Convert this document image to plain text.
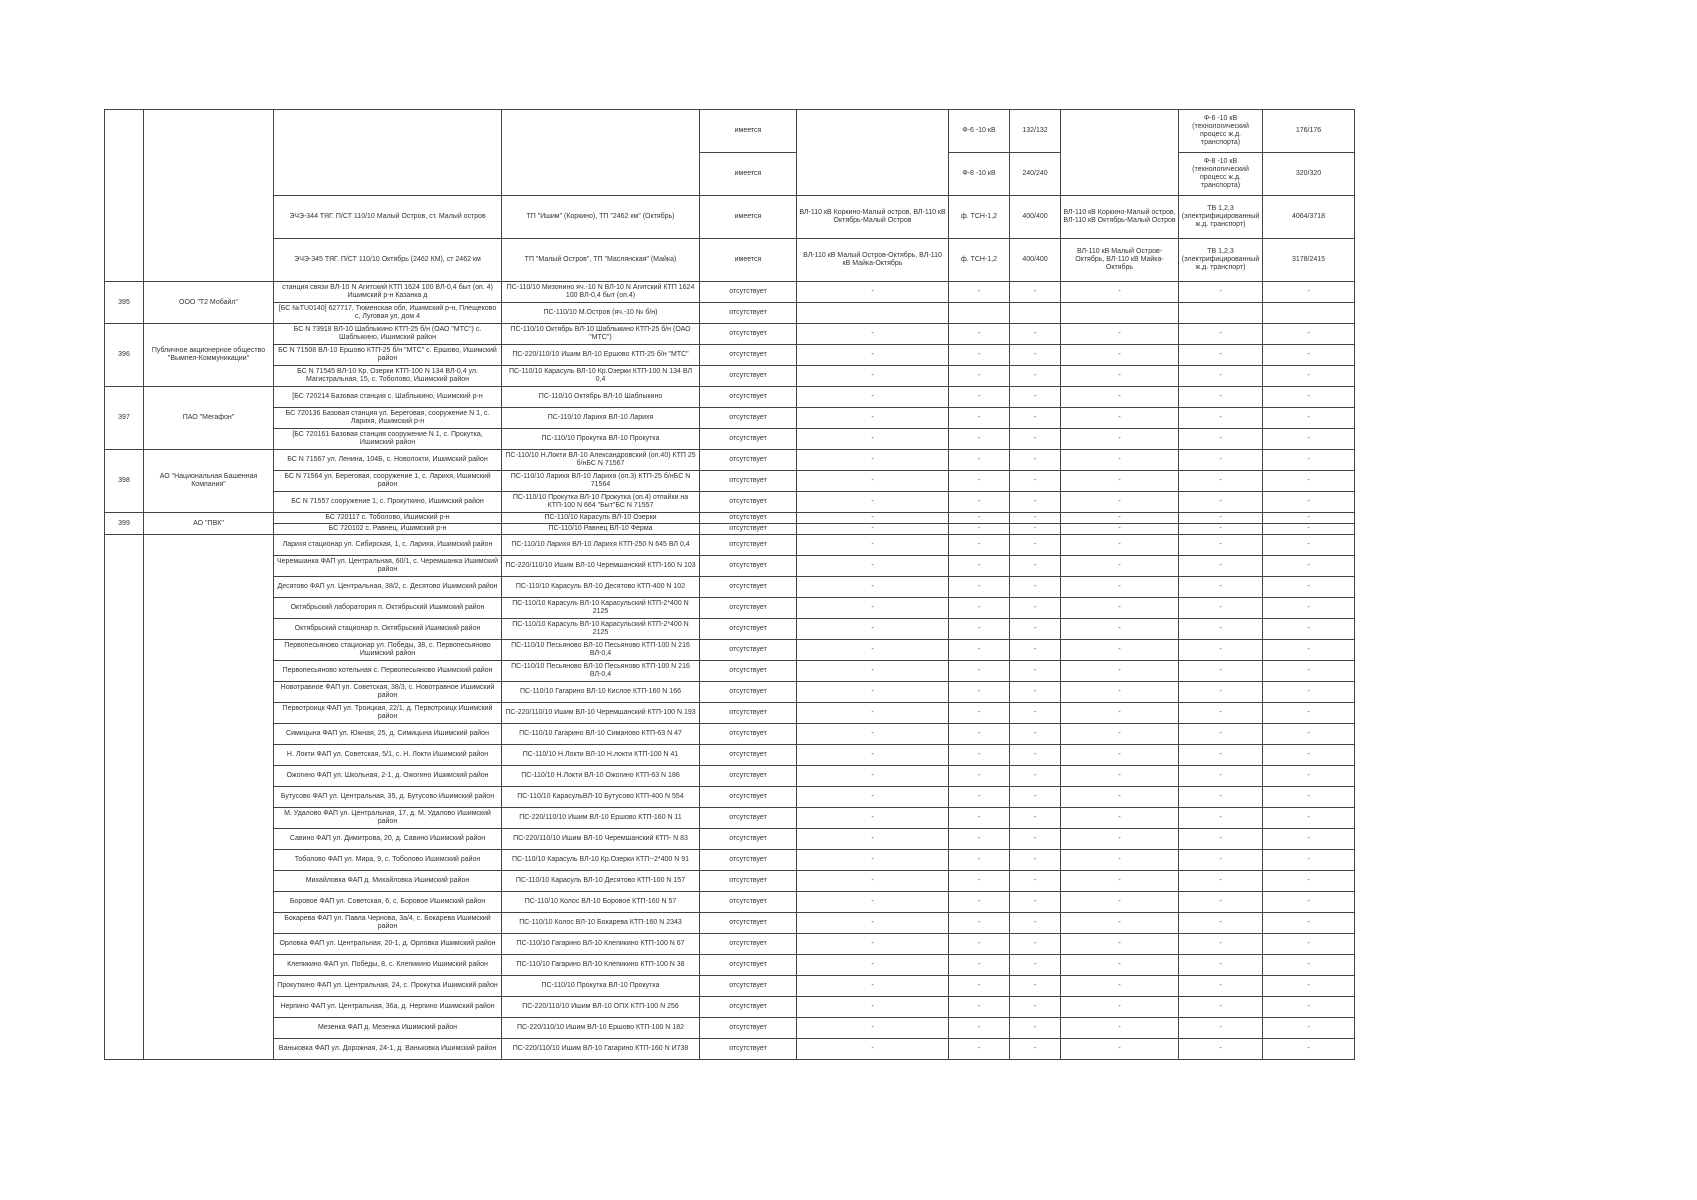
				имеется		Ф-6 -10 кВ	132/132		Ф-6 -10 кВ (технологический процесс ж.д. транспорта)	176/176
				имеется		Ф-8 -10 кВ	240/240		Ф-8 -10 кВ (технологический процесс ж.д. транспорта)	320/320
		ЭЧЭ-344 ТЯГ. П/СТ 110/10 Малый Остров, ст. Малый остров	ТП "Ишим" (Коркино), ТП "2462 км" (Октябрь)	имеется	ВЛ-110 кВ Коркино-Малый остров, ВЛ-110 кВ Октябрь-Малый Остров	ф. ТСН-1,2	400/400	ВЛ-110 кВ Коркино-Малый остров, ВЛ-110 кВ Октябрь-Малый Остров	ТВ 1,2,3 (электрифицированный ж.д. транспорт)	4064/3718
		ЭЧЭ-345 ТЯГ. П/СТ 110/10 Октябрь (2462 КМ), ст 2462 км	ТП "Малый Остров", ТП "Маслянская" (Майка)	имеется	ВЛ-110 кВ Малый Остров-Октябрь, ВЛ-110 кВ Майка-Октябрь	ф. ТСН-1,2	400/400	ВЛ-110 кВ Малый Остров-Октябрь, ВЛ-110 кВ Майка-Октябрь	ТВ 1,2,3 (электрифицированный ж.д. транспорт)	3178/2415
395	ООО "Т2 Мобайл"	станция связи ВЛ-10 N Агитский КТП 1624 100 ВЛ-0,4 быт (оп. 4) Ишимский р-н Казанка д	ПС-110/10 Мизонино яч.-10 N ВЛ-10 N Агитский КТП 1624 100 ВЛ-0,4 быт (оп.4)	отсутствует	-	-	-	-	-	-
		[БС №TU0140] 627717, Тюменская обл, Ишимский р-н, Плещеково с, Луговая ул, дом 4	ПС-110/10 М.Остров (яч.-10 № б/н)	отсутствует						
396	Публичное акционерное общество "Вымпел-Коммуникации"	БС N 73918 ВЛ-10 Шаблыкино КТП-25 б/н (ОАО "МТС") с. Шаблыкино, Ишимский район	ПС-110/10 Октябрь ВЛ-10 Шаблыкино КТП-25 б/н (ОАО "МТС")	отсутствует	-	-	-	-	-	-
		БС N 71508 ВЛ-10 Ершово КТП-25 б/н "МТС" с. Ершово, Ишимский район	ПС-220/110/10 Ишим ВЛ-10 Ершово КТП-25 б/н "МТС"	отсутствует	-	-	-	-	-	-
		БС N 71545 ВЛ-10 Кр. Озерки КТП-100 N 134 ВЛ-0,4 ул. Магистральная, 15, с. Тоболово, Ишимский район	ПС-110/10 Карасуль ВЛ-10 Кр.Озерки КТП-100 N 134 ВЛ 0,4	отсутствует	-	-	-	-	-	-
397	ПАО "Мегафон"	[БС 720214 Базовая станция с. Шаблыкино, Ишимский р-н	ПС-110/10 Октябрь ВЛ-10 Шаблыкино	отсутствует	-	-	-	-	-	-
		БС 720136 Базовая станция ул. Береговая, сооружение N 1, с. Ларихя, Ишимский р-н	ПС-110/10 Ларихя ВЛ-10 Ларихя	отсутствует	-	-	-	-	-	-
		[БС 720161 Базовая станция сооружение N 1, с. Прокутка, Ишимский район	ПС-110/10 Прокутка ВЛ-10 Прокутка	отсутствует	-	-	-	-	-	-
398	АО "Национальная Башенная Компания"	БС N 71567 ул. Ленина, 104Б, с. Новолокти, Ишимский район	ПС-110/10 Н.Локти ВЛ-10 Александровский (оп.40) КТП 25 б/нБС N 71567	отсутствует	-	-	-	-	-	-
		БС N 71564 ул. Береговая, сооружение 1, с. Ларихя, Ишимский район	ПС-110/10 Ларихя ВЛ-10 Ларихя (оп.3) КТП-25 б/нБС N 71564	отсутствует	-	-	-	-	-	-
		БС N 71557 сооружение 1, с. Прокуткино, Ишимский район	ПС-110/10 Прокутка ВЛ-10 Прокутка (оп.4) отпайки на КТП-100 N 664 "Быт"БС N 71557	отсутствует	-	-	-	-	-	-
399	АО "ПВК"	БС 720117 с. Тоболово, Ишимский р-н	ПС-110/10 Карасуль ВЛ-10 Озерки	отсутствует	-	-	-	-	-	-
		БС 720102 с. Равнец, Ишимский р-н	ПС-110/10 Равнец ВЛ-10 Ферма	отсутствует	-	-	-	-	-	-
		Ларихя стационар ул. Сибирская, 1, с. Ларихя, Ишимский район	ПС-110/10 Ларихя ВЛ-10 Ларихя КТП-250 N 645 ВЛ 0,4	отсутствует	-	-	-	-	-	-
		Черемшанка ФАП ул. Центральная, 60/1, с. Черемшанка Ишимский район	ПС-220/110/10 Ишим ВЛ-10 Черемшанский КТП-160 N 103	отсутствует	-	-	-	-	-	-
		Десятово ФАП ул. Центральная, 38/2, с. Десятово Ишимский район	ПС-110/10 Карасуль ВЛ-10 Десятово КТП-400 N 102	отсутствует	-	-	-	-	-	-
		Октябрьский лаборатория п. Октябрьский Ишимский район	ПС-110/10 Карасуль ВЛ-10 Карасульский КТП-2*400 N 2125	отсутствует	-	-	-	-	-	-
		Октябрьский стационар п. Октябрьский Ишимский район	ПС-110/10 Карасуль ВЛ-10 Карасульский КТП-2*400 N 2125	отсутствует	-	-	-	-	-	-
		Первопесьяново стационар ул. Победы, 38, с. Первопесьяново Ишимский район	ПС-110/10 Песьяново ВЛ-10 Песьяново КТП-100 N 216 ВЛ-0,4	отсутствует	-	-	-	-	-	-
		Первопесьяново котельная с. Первопесьяново Ишимский район	ПС-110/10 Песьяново ВЛ-10 Песьяново КТП-100 N 216 ВЛ-0,4	отсутствует	-	-	-	-	-	-
		Новотравное ФАП ул. Советская, 38/3, с. Новотравное Ишимский район	ПС-110/10 Гагарино ВЛ-10 Кислое КТП-160 N 166	отсутствует	-	-	-	-	-	-
		Первотроицк ФАП ул. Троицкая, 22/1, д. Первотроицк Ишимский район	ПС-220/110/10 Ишим ВЛ-10 Черемшанский КТП-100 N 193	отсутствует	-	-	-	-	-	-
		Симицына ФАП ул. Южная, 25, д. Симицына Ишимский район	ПС-110/10 Гагарино ВЛ-10 Симаново КТП-63 N 47	отсутствует	-	-	-	-	-	-
		Н. Локти ФАП ул. Советская, 5/1, с. Н. Локти Ишимский район	ПС-110/10 Н.Локти ВЛ-10 Н.локти КТП-100 N 41	отсутствует	-	-	-	-	-	-
		Ожогино ФАП ул. Школьная, 2-1, д. Ожогино Ишимский район	ПС-110/10 Н.Локти ВЛ-10 Ожогино КТП-63 N 186	отсутствует	-	-	-	-	-	-
		Бутусово ФАП ул. Центральная, 35, д. Бутусово Ишимский район	ПС-110/10 КарасульВЛ-10 Бутусово КТП-400 N 554	отсутствует	-	-	-	-	-	-
		М. Удалово ФАП ул. Центральная, 17, д. М. Удалово Ишимский район	ПС-220/110/10 Ишим ВЛ-10 Ершово КТП-160 N 11	отсутствует	-	-	-	-	-	-
		Савино ФАП ул. Димитрова, 20, д. Савино Ишимский район	ПС-220/110/10 Ишим ВЛ-10 Черемшанский КТП- N 83	отсутствует	-	-	-	-	-	-
		Тоболово ФАП ул. Мира, 9, с. Тоболово Ишимский район	ПС-110/10 Карасуль ВЛ-10 Кр.Озерки КТП--2*400 N 91	отсутствует	-	-	-	-	-	-
		Михайловка ФАП д. Михайловка Ишимский район	ПС-110/10 Карасуль ВЛ-10 Десятово КТП-100 N 157	отсутствует	-	-	-	-	-	-
		Боровое ФАП ул. Советская, 6, с. Боровое Ишимский район	ПС-110/10 Колос ВЛ-10 Боровое КТП-160 N 57	отсутствует	-	-	-	-	-	-
		Бокарева ФАП ул. Павла Чернова, 3а/4, с. Бокарева Ишимский район	ПС-110/10 Колос ВЛ-10 Бокарева КТП-160 N 2343	отсутствует	-	-	-	-	-	-
		Орловка ФАП ул. Центральная, 20-1, д. Орловка Ишимский район	ПС-110/10 Гагарино ВЛ-10 Клепикино КТП-100 N 67	отсутствует	-	-	-	-	-	-
		Клепикино ФАП ул. Победы, 8, с. Клепикино Ишимский район	ПС-110/10 Гагарино ВЛ-10 Клепикино КТП-100 N 38	отсутствует	-	-	-	-	-	-
		Прокуткино ФАП ул. Центральная, 24, с. Прокутка Ишимский район	ПС-110/10 Прокутка ВЛ-10 Прокутка	отсутствует	-	-	-	-	-	-
		Нерпино ФАП ул. Центральная, 36а, д. Нерпино Ишимский район	ПС-220/110/10 Ишим ВЛ-10 ОПХ КТП-100 N 256	отсутствует	-	-	-	-	-	-
		Мезенка ФАП д. Мезенка Ишимский район	ПС-220/110/10 Ишим ВЛ-10 Ершово КТП-100 N 182	отсутствует	-	-	-	-	-	-
		Ваньковка ФАП ул. Дорожная, 24-1, д. Ваньковка Ишимский район	ПС-220/110/10 Ишим ВЛ-10 Гагарино КТП-160 N И738	отсутствует	-	-	-	-	-	-
